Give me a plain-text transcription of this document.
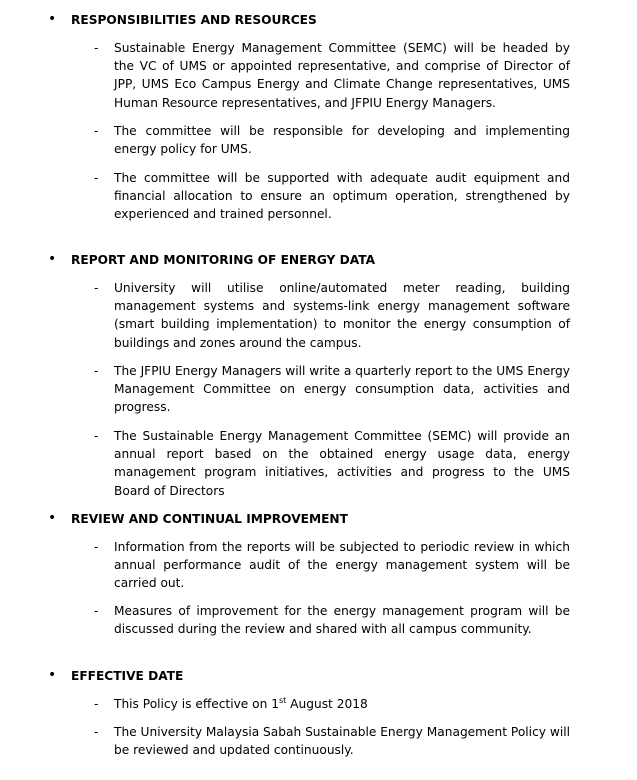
• RESPONSIBILITIES AND RESOURCES
- Sustainable Energy Management Committee (SEMC) will be headed by the VC of UMS or appointed representative, and comprise of Director of JPP, UMS Eco Campus Energy and Climate Change representatives, UMS Human Resource representatives, and JFPIU Energy Managers.
- The committee will be responsible for developing and implementing energy policy for UMS.
- The committee will be supported with adequate audit equipment and financial allocation to ensure an optimum operation, strengthened by experienced and trained personnel.
• REPORT AND MONITORING OF ENERGY DATA
- University will utilise online/automated meter reading, building management systems and systems-link energy management software (smart building implementation) to monitor the energy consumption of buildings and zones around the campus.
- The JFPIU Energy Managers will write a quarterly report to the UMS Energy Management Committee on energy consumption data, activities and progress.
- The Sustainable Energy Management Committee (SEMC) will provide an annual report based on the obtained energy usage data, energy management program initiatives, activities and progress to the UMS Board of Directors
• REVIEW AND CONTINUAL IMPROVEMENT
- Information from the reports will be subjected to periodic review in which annual performance audit of the energy management system will be carried out.
- Measures of improvement for the energy management program will be discussed during the review and shared with all campus community.
• EFFECTIVE DATE
- This Policy is effective on 1st August 2018
- The University Malaysia Sabah Sustainable Energy Management Policy will be reviewed and updated continuously.
